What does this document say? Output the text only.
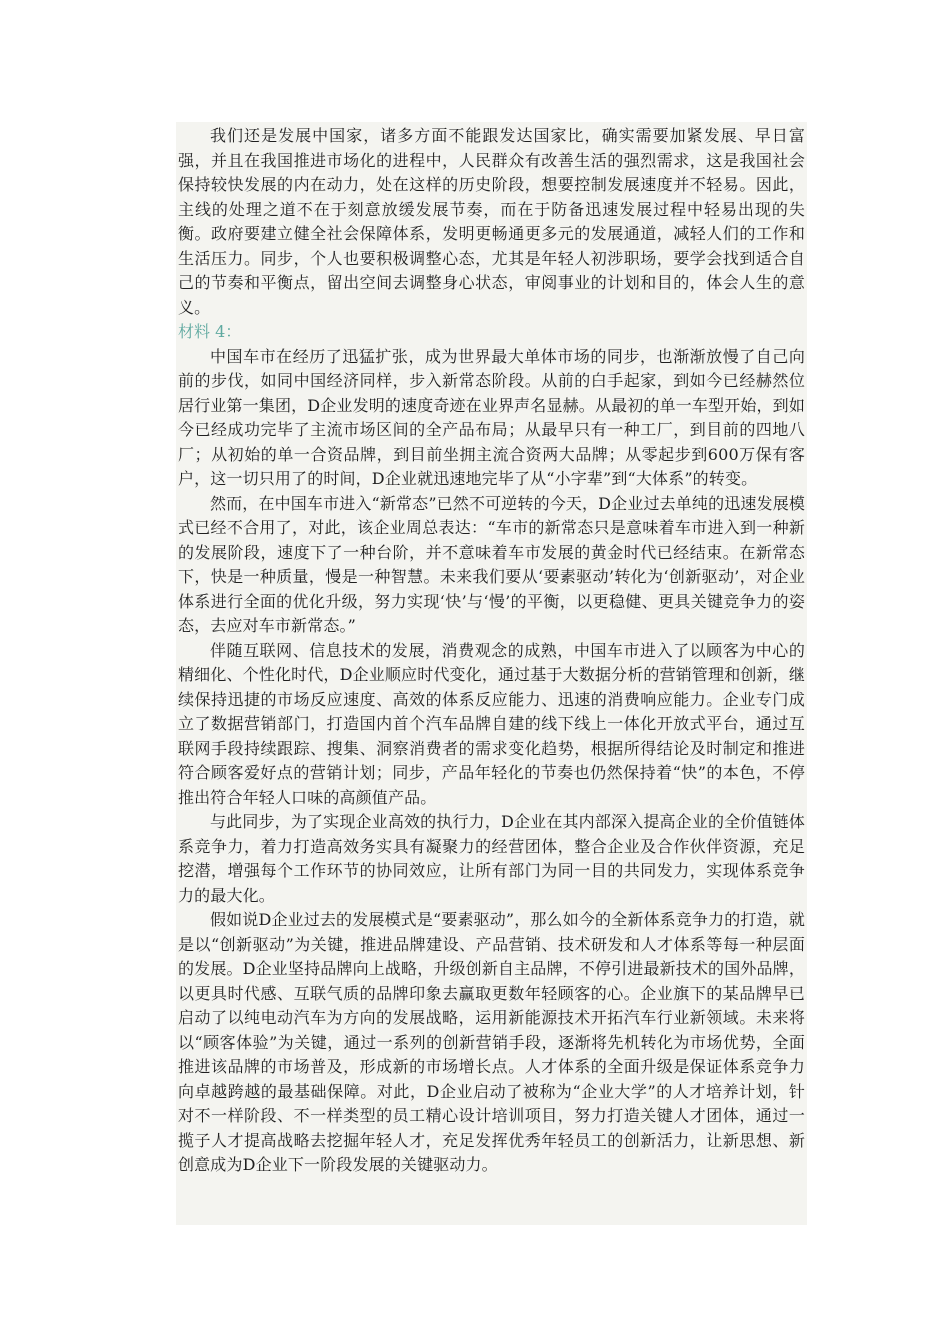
我们还是发展中国家，诸多方面不能跟发达国家比，确实需要加紧发展、早日富强，并且在我国推进市场化的进程中，人民群众有改善生活的强烈需求，这是我国社会保持较快发展的内在动力，处在这样的历史阶段，想要控制发展速度并不轻易。因此，主线的处理之道不在于刻意放缓发展节奏，而在于防备迅速发展过程中轻易出现的失衡。政府要建立健全社会保障体系，发明更畅通更多元的发展通道，减轻人们的工作和生活压力。同步，个人也要积极调整心态，尤其是年轻人初涉职场，要学会找到适合自己的节奏和平衡点，留出空间去调整身心状态，审阅事业的计划和目的，体会人生的意义。

材料 4：

中国车市在经历了迅猛扩张，成为世界最大单体市场的同步，也渐渐放慢了自己向前的步伐，如同中国经济同样，步入新常态阶段。从前的白手起家，到如今已经赫然位居行业第一集团，D企业发明的速度奇迹在业界声名显赫。从最初的单一车型开始，到如今已经成功完毕了主流市场区间的全产品布局；从最早只有一种工厂，到目前的四地八厂；从初始的单一合资品牌，到目前坐拥主流合资两大品牌；从零起步到600万保有客户，这一切只用了的时间，D企业就迅速地完毕了从“小字辈”到“大体系”的转变。

然而，在中国车市进入“新常态”已然不可逆转的今天，D企业过去单纯的迅速发展模式已经不合用了，对此，该企业周总表达：“车市的新常态只是意味着车市进入到一种新的发展阶段，速度下了一种台阶，并不意味着车市发展的黄金时代已经结束。在新常态下，快是一种质量，慢是一种智慧。未来我们要从‘要素驱动’转化为‘创新驱动’，对企业体系进行全面的优化升级，努力实现‘快’与‘慢’的平衡，以更稳健、更具关键竞争力的姿态，去应对车市新常态。”

伴随互联网、信息技术的发展，消费观念的成熟，中国车市进入了以顾客为中心的精细化、个性化时代，D企业顺应时代变化，通过基于大数据分析的营销管理和创新，继续保持迅捷的市场反应速度、高效的体系反应能力、迅速的消费响应能力。企业专门成立了数据营销部门，打造国内首个汽车品牌自建的线下线上一体化开放式平台，通过互联网手段持续跟踪、搜集、洞察消费者的需求变化趋势，根据所得结论及时制定和推进符合顾客爱好点的营销计划；同步，产品年轻化的节奏也仍然保持着“快”的本色，不停推出符合年轻人口味的高颜值产品。

与此同步，为了实现企业高效的执行力，D企业在其内部深入提高企业的全价值链体系竞争力，着力打造高效务实具有凝聚力的经营团体，整合企业及合作伙伴资源，充足挖潜，增强每个工作环节的协同效应，让所有部门为同一目的共同发力，实现体系竞争力的最大化。

假如说D企业过去的发展模式是“要素驱动”，那么如今的全新体系竞争力的打造，就是以“创新驱动”为关键，推进品牌建设、产品营销、技术研发和人才体系等每一种层面的发展。D企业坚持品牌向上战略，升级创新自主品牌，不停引进最新技术的国外品牌，以更具时代感、互联气质的品牌印象去赢取更数年轻顾客的心。企业旗下的某品牌早已启动了以纯电动汽车为方向的发展战略，运用新能源技术开拓汽车行业新领域。未来将以“顾客体验”为关键，通过一系列的创新营销手段，逐渐将先机转化为市场优势，全面推进该品牌的市场普及，形成新的市场增长点。人才体系的全面升级是保证体系竞争力向卓越跨越的最基础保障。对此，D企业启动了被称为“企业大学”的人才培养计划，针对不一样阶段、不一样类型的员工精心设计培训项目，努力打造关键人才团体，通过一揽子人才提高战略去挖掘年轻人才，充足发挥优秀年轻员工的创新活力，让新思想、新创意成为D企业下一阶段发展的关键驱动力。
